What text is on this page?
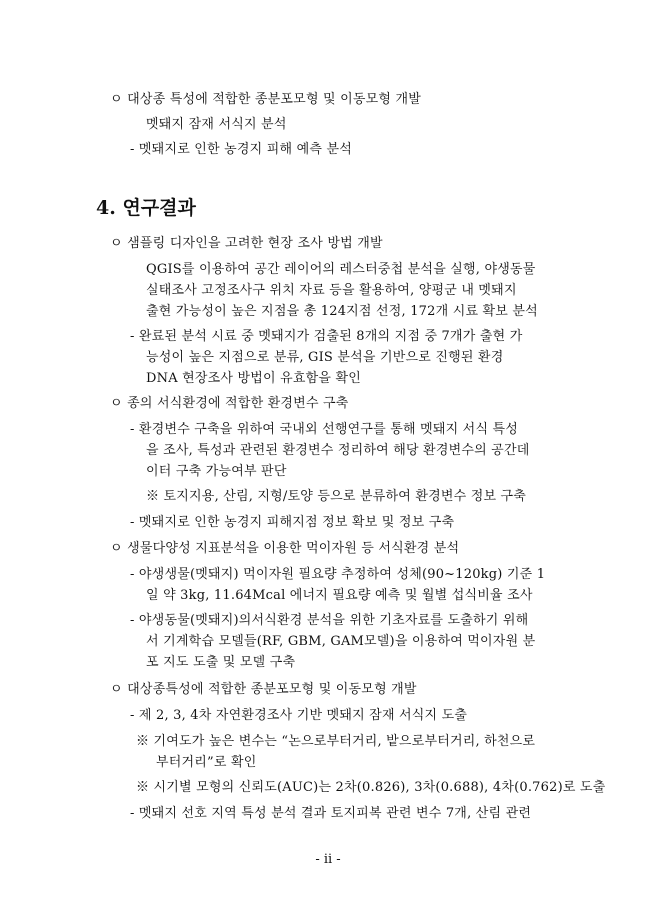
ㅇ 대상종 특성에 적합한 종분포모형 및 이동모형 개발
멧돼지 잠재 서식지 분석
- 멧돼지로 인한 농경지 피해 예측 분석
4. 연구결과
ㅇ 샘플링 디자인을 고려한 현장 조사 방법 개발
QGIS를 이용하여 공간 레이어의 레스터중첩 분석을 실행, 야생동물
실태조사 고정조사구 위치 자료 등을 활용하여, 양평군 내 멧돼지
출현 가능성이 높은 지점을 총 124지점 선정, 172개 시료 확보 분석
- 완료된 분석 시료 중 멧돼지가 검출된 8개의 지점 중 7개가 출현 가
능성이 높은 지점으로 분류, GIS 분석을 기반으로 진행된 환경
DNA 현장조사 방법이 유효함을 확인
ㅇ 종의 서식환경에 적합한 환경변수 구축
- 환경변수 구축을 위하여 국내외 선행연구를 통해 멧돼지 서식 특성
을 조사, 특성과 관련된 환경변수 정리하여 해당 환경변수의 공간데
이터 구축 가능여부 판단
※ 토지지용, 산림, 지형/토양 등으로 분류하여 환경변수 정보 구축
- 멧돼지로 인한 농경지 피해지점 정보 확보 및 정보 구축
ㅇ 생물다양성 지표분석을 이용한 먹이자원 등 서식환경 분석
- 야생생물(멧돼지) 먹이자원 필요량 추정하여 성체(90~120kg) 기준 1
일 약 3kg, 11.64Mcal 에너지 필요량 예측 및 월별 섭식비율 조사
- 야생동물(멧돼지)의서식환경 분석을 위한 기초자료를 도출하기 위해
서 기계학습 모델들(RF, GBM, GAM모델)을 이용하여 먹이자원 분
포 지도 도출 및 모델 구축
ㅇ 대상종특성에 적합한 종분포모형 및 이동모형 개발
- 제 2, 3, 4차 자연환경조사 기반 멧돼지 잠재 서식지 도출
※ 기여도가 높은 변수는 “논으로부터거리, 밭으로부터거리, 하천으로
부터거리”로 확인
※ 시기별 모형의 신뢰도(AUC)는 2차(0.826), 3차(0.688), 4차(0.762)로 도출
- 멧돼지 선호 지역 특성 분석 결과 토지피복 관련 변수 7개, 산림 관련
- ii -
